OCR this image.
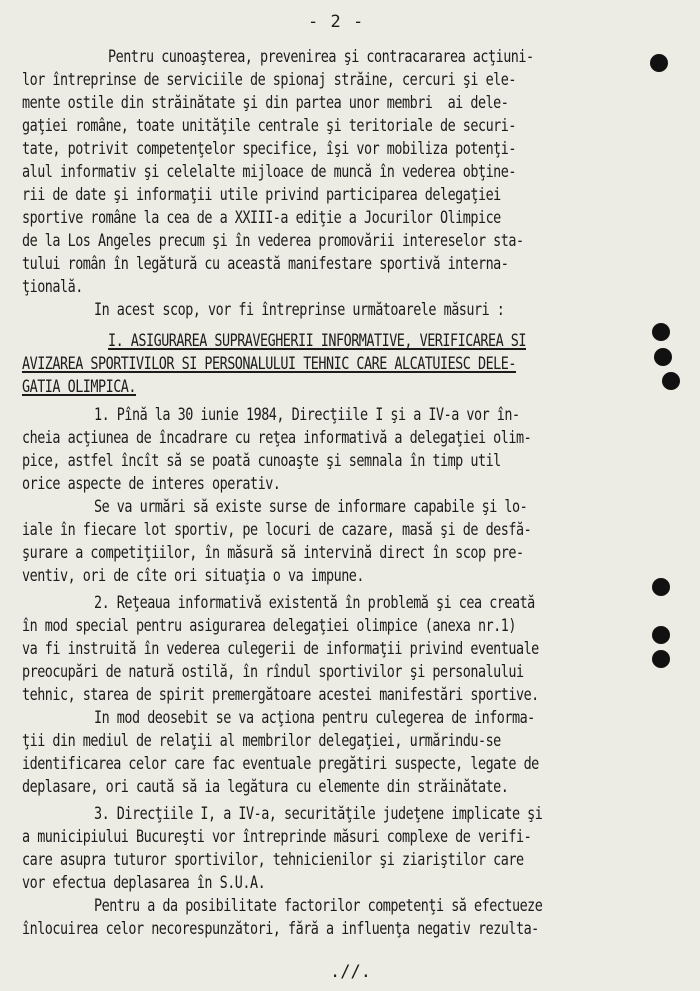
- 2 -
Pentru cunoaşterea, prevenirea şi contracararea acţiuni-
lor întreprinse de serviciile de spionaj străine, cercuri şi ele-
mente ostile din străinătate şi din partea unor membri  ai dele-
gaţiei române, toate unităţile centrale şi teritoriale de securi-
tate, potrivit competenţelor specifice, îşi vor mobiliza potenţi-
alul informativ şi celelalte mijloace de muncă în vederea obţine-
rii de date şi informaţii utile privind participarea delegaţiei
sportive române la cea de a XXIII-a ediţie a Jocurilor Olimpice
de la Los Angeles precum şi în vederea promovării intereselor sta-
tului român în legătură cu această manifestare sportivă interna-
ţională.
In acest scop, vor fi întreprinse următoarele măsuri :
I. ASIGURAREA SUPRAVEGHERII INFORMATIVE, VERIFICAREA SI
AVIZAREA SPORTIVILOR SI PERSONALULUI TEHNIC CARE ALCATUIESC DELE-
GATIA OLIMPICA.
1. Pînă la 30 iunie 1984, Direcţiile I şi a IV-a vor în-
cheia acţiunea de încadrare cu reţea informativă a delegaţiei olim-
pice, astfel încît să se poată cunoaşte şi semnala în timp util
orice aspecte de interes operativ.
Se va urmări să existe surse de informare capabile şi lo-
iale în fiecare lot sportiv, pe locuri de cazare, masă şi de desfă-
şurare a competiţiilor, în măsură să intervină direct în scop pre-
ventiv, ori de cîte ori situaţia o va impune.
2. Reţeaua informativă existentă în problemă şi cea creată
în mod special pentru asigurarea delegaţiei olimpice (anexa nr.1)
va fi instruită în vederea culegerii de informaţii privind eventuale
preocupări de natură ostilă, în rîndul sportivilor şi personalului
tehnic, starea de spirit premergătoare acestei manifestări sportive.
In mod deosebit se va acţiona pentru culegerea de informa-
ţii din mediul de relaţii al membrilor delegaţiei, urmărindu-se
identificarea celor care fac eventuale pregătiri suspecte, legate de
deplasare, ori caută să ia legătura cu elemente din străinătate.
3. Direcţiile I, a IV-a, securităţile judeţene implicate şi
a municipiului Bucureşti vor întreprinde măsuri complexe de verifi-
care asupra tuturor sportivilor, tehnicienilor şi ziariştilor care
vor efectua deplasarea în S.U.A.
Pentru a da posibilitate factorilor competenţi să efectueze
înlocuirea celor necorespunzători, fără a influenţa negativ rezulta-
.//.
